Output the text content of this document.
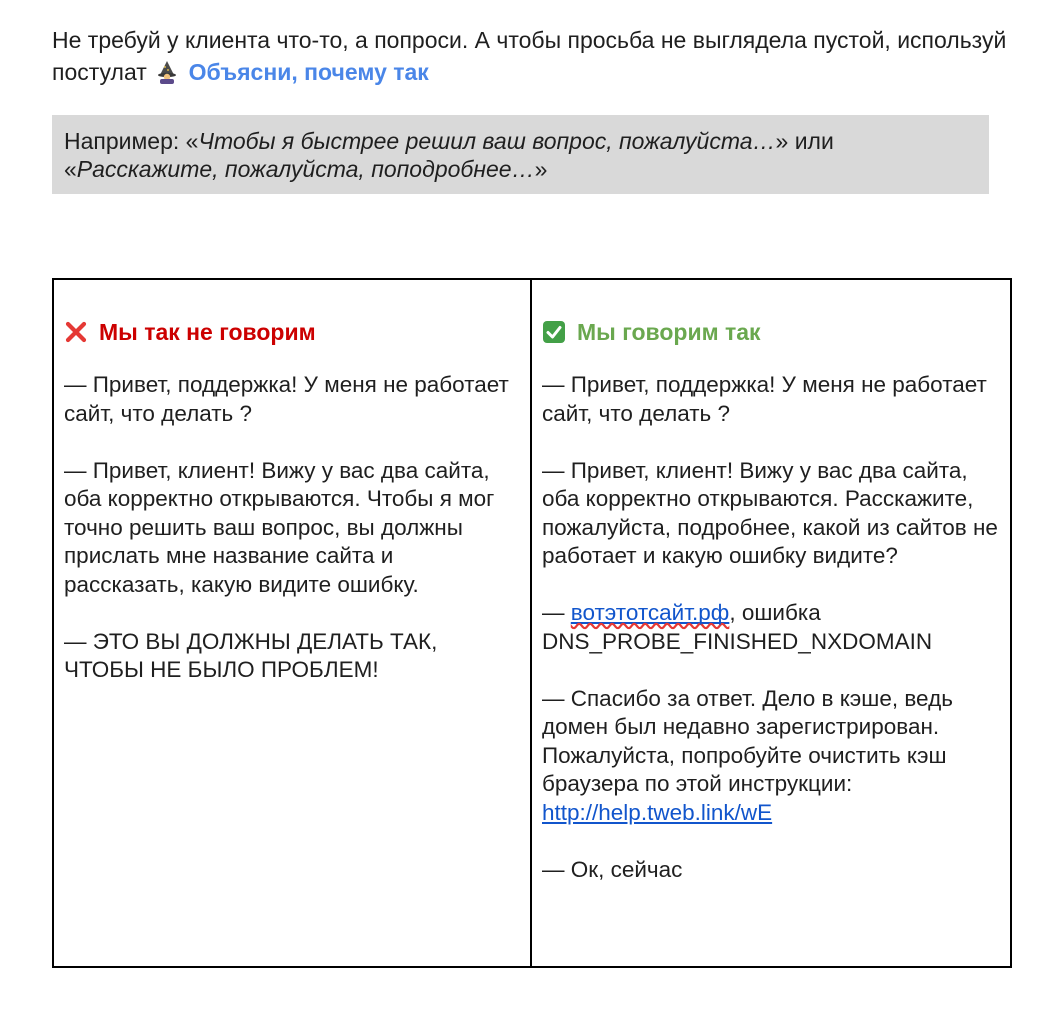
Не требуй у клиента что-то, а попроси. А чтобы просьба не выглядела пустой, используй постулат Объясни, почему так
Например: «Чтобы я быстрее решил ваш вопрос, пожалуйста…» или «Расскажите, пожалуйста, поподробнее…»
Мы так не говорим

— Привет, поддержка! У меня не работает сайт, что делать ?

— Привет, клиент! Вижу у вас два сайта, оба корректно открываются. Чтобы я мог точно решить ваш вопрос, вы должны прислать мне название сайта и рассказать, какую видите ошибку.

— ЭТО ВЫ ДОЛЖНЫ ДЕЛАТЬ ТАК, ЧТОБЫ НЕ БЫЛО ПРОБЛЕМ!

Мы говорим так

— Привет, поддержка! У меня не работает сайт, что делать ?

— Привет, клиент! Вижу у вас два сайта, оба корректно открываются. Расскажите, пожалуйста, подробнее, какой из сайтов не работает и какую ошибку видите?

— вотэтотсайт.рф, ошибка DNS_PROBE_FINISHED_NXDOMAIN

— Спасибо за ответ. Дело в кэше, ведь домен был недавно зарегистрирован. Пожалуйста, попробуйте очистить кэш браузера по этой инструкции:
http://help.tweb.link/wE

— Ок, сейчас
